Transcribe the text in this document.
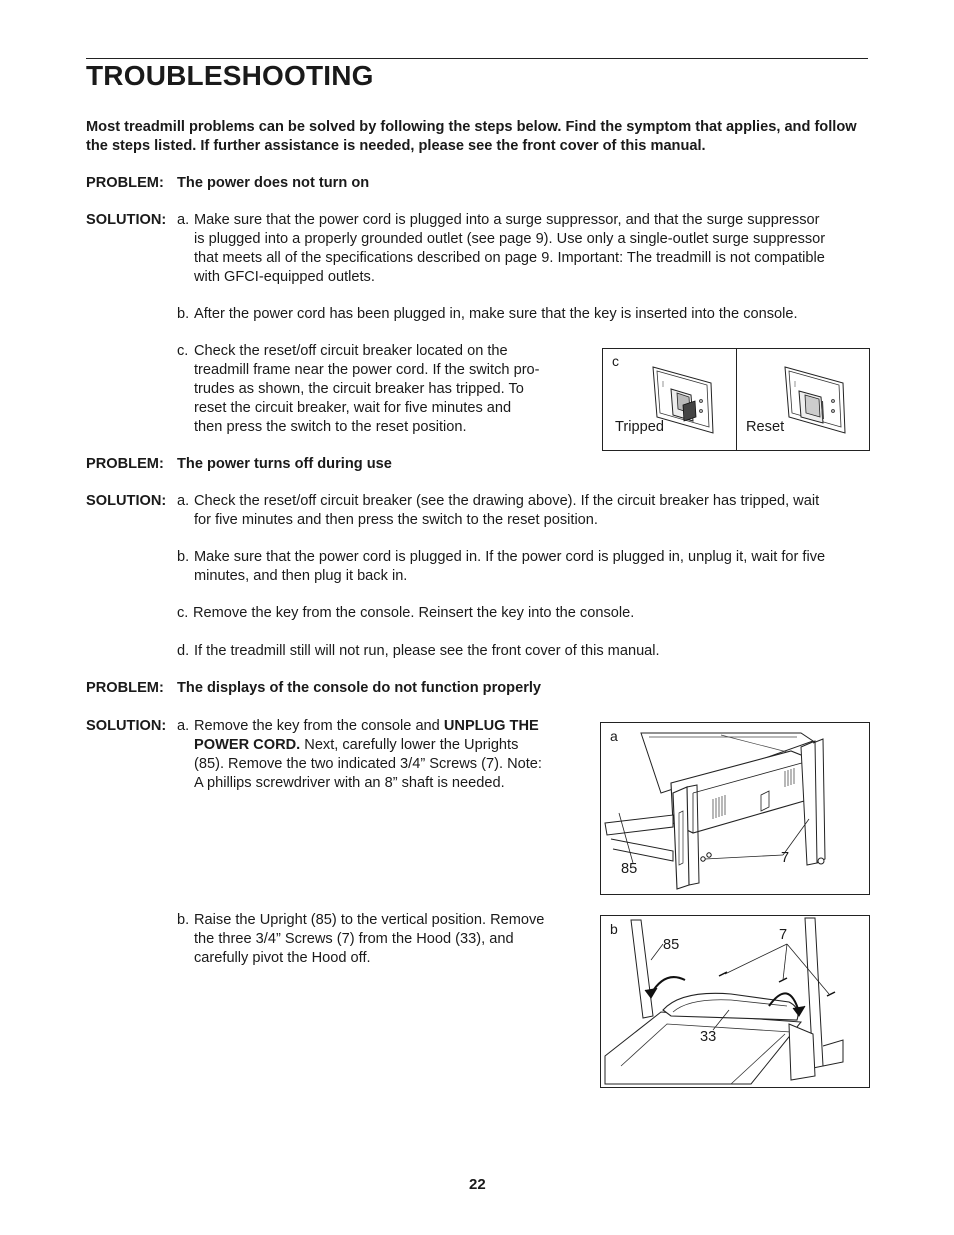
TROUBLESHOOTING
Most treadmill problems can be solved by following the steps below. Find the symptom that applies, and follow the steps listed. If further assistance is needed, please see the front cover of this manual.
PROBLEM: The power does not turn on
SOLUTION: a. Make sure that the power cord is plugged into a surge suppressor, and that the surge suppressor
is plugged into a properly grounded outlet (see page 9). Use only a single-outlet surge suppressor
that meets all of the specifications described on page 9. Important: The treadmill is not compatible
with GFCI-equipped outlets.
b. After the power cord has been plugged in, make sure that the key is inserted into the console.
c. Check the reset/off circuit breaker located on the
treadmill frame near the power cord. If the switch pro-
trudes as shown, the circuit breaker has tripped. To
reset the circuit breaker, wait for five minutes and
then press the switch to the reset position.
c
Tripped	Reset
PROBLEM: The power turns off during use
SOLUTION: a. Check the reset/off circuit breaker (see the drawing above). If the circuit breaker has tripped, wait
for five minutes and then press the switch to the reset position.
b. Make sure that the power cord is plugged in. If the power cord is plugged in, unplug it, wait for five
minutes, and then plug it back in.
c. Remove the key from the console. Reinsert the key into the console.
d. If the treadmill still will not run, please see the front cover of this manual.
PROBLEM: The displays of the console do not function properly
SOLUTION: a. Remove the key from the console and UNPLUG THE
POWER CORD. Next, carefully lower the Uprights
(85). Remove the two indicated 3/4” Screws (7). Note:
A phillips screwdriver with an 8” shaft is needed.
a
85
7
b. Raise the Upright (85) to the vertical position. Remove
the three 3/4” Screws (7) from the Hood (33), and
carefully pivot the Hood off.
b
85
7
33
22
